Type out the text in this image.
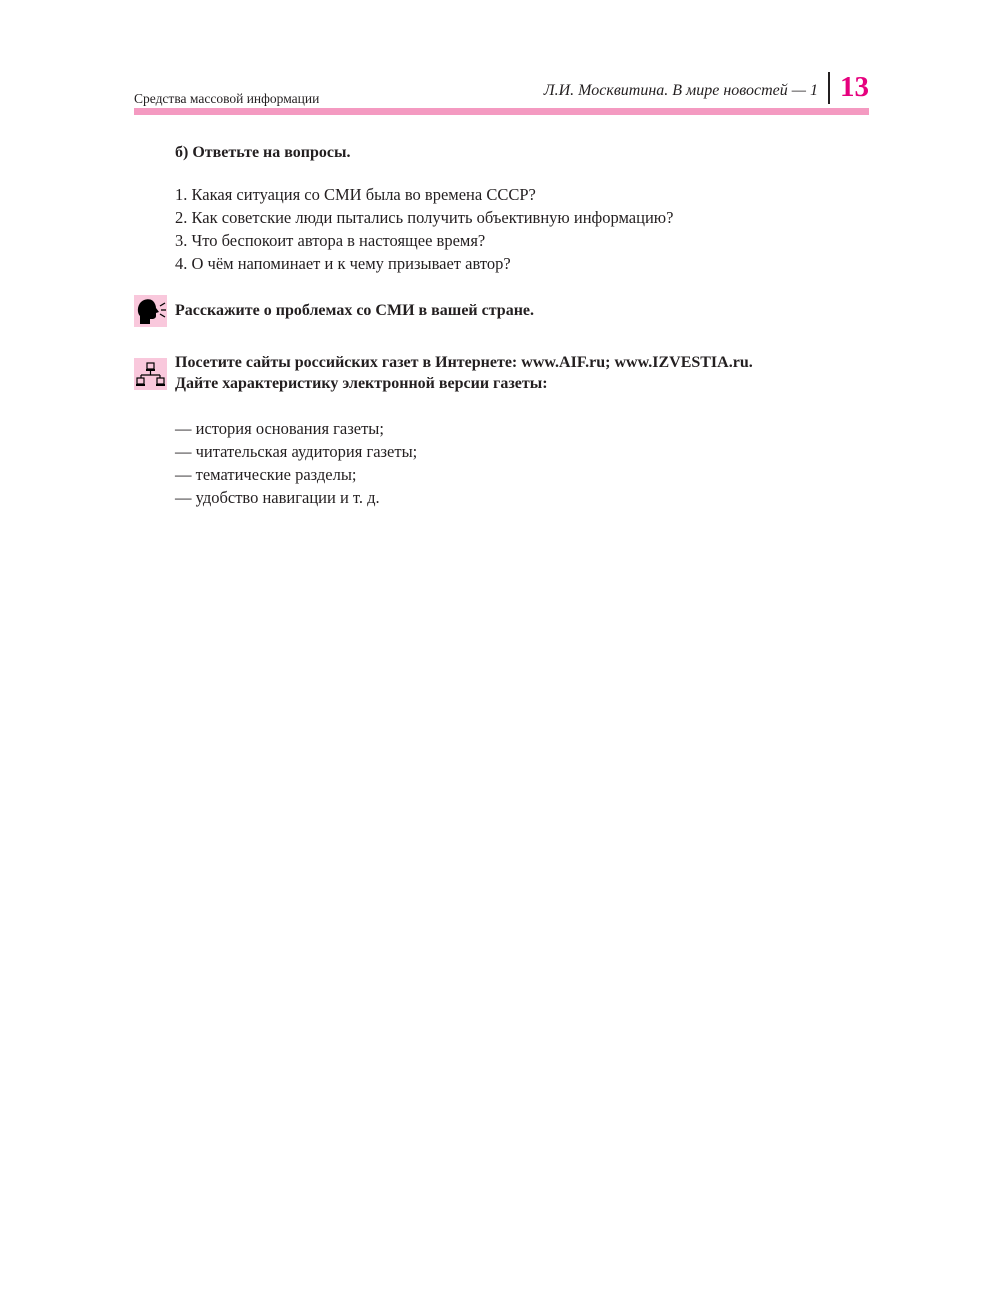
Средства массовой информации	Л.И. Москвитина. В мире новостей — 1 13
б) Ответьте на вопросы.
1. Какая ситуация со СМИ была во времена СССР?
2. Как советские люди пытались получить объективную информацию?
3. Что беспокоит автора в настоящее время?
4. О чём напоминает и к чему призывает автор?
Расскажите о проблемах со СМИ в вашей стране.
Посетите сайты российских газет в Интернете: www.AIF.ru; www.IZVESTIA.ru.
Дайте характеристику электронной версии газеты:
— история основания газеты;
— читательская аудитория газеты;
— тематические разделы;
— удобство навигации и т. д.
